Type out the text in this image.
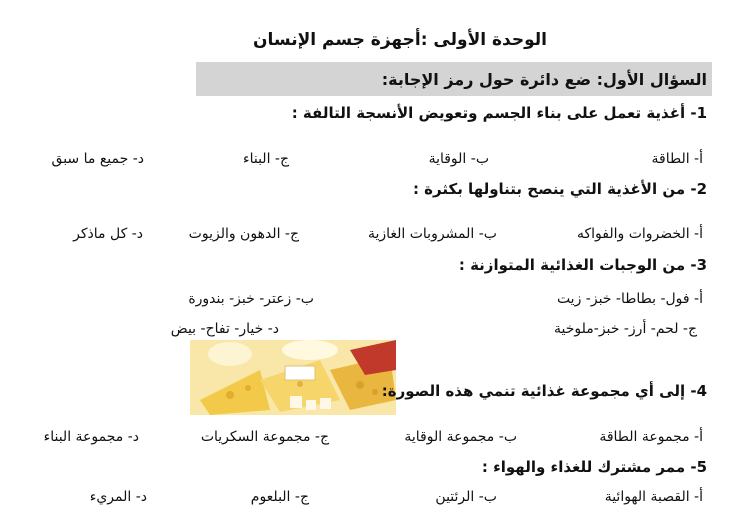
الوحدة الأولى :أجهزة جسم الإنسان
السؤال الأول: ضع دائرة حول رمز الإجابة:
1- أغذية تعمل على بناء الجسم وتعويض الأنسجة التالفة :
أ- الطاقة
ب- الوقاية
ج- البناء
د- جميع ما سبق
2- من الأغذية التي ينصح بتناولها بكثرة :
أ- الخضروات والفواكه
ب- المشروبات الغازية
ج- الدهون والزيوت
د- كل ماذكر
3- من الوجبات الغذائية المتوازنة :
أ- فول- بطاطا- خبز- زيت
ب- زعتر- خبز- بندورة
ج- لحم- أرز- خبز-ملوخية
د- خيار- تفاح- بيض
4- إلى أي مجموعة غذائية تنمي هذه الصورة:
أ- مجموعة الطاقة
ب- مجموعة الوقاية
ج- مجموعة السكريات
د- مجموعة البناء
5- ممر مشترك للغذاء والهواء :
أ- القصبة الهوائية
ب- الرئتين
ج- البلعوم
د- المريء
